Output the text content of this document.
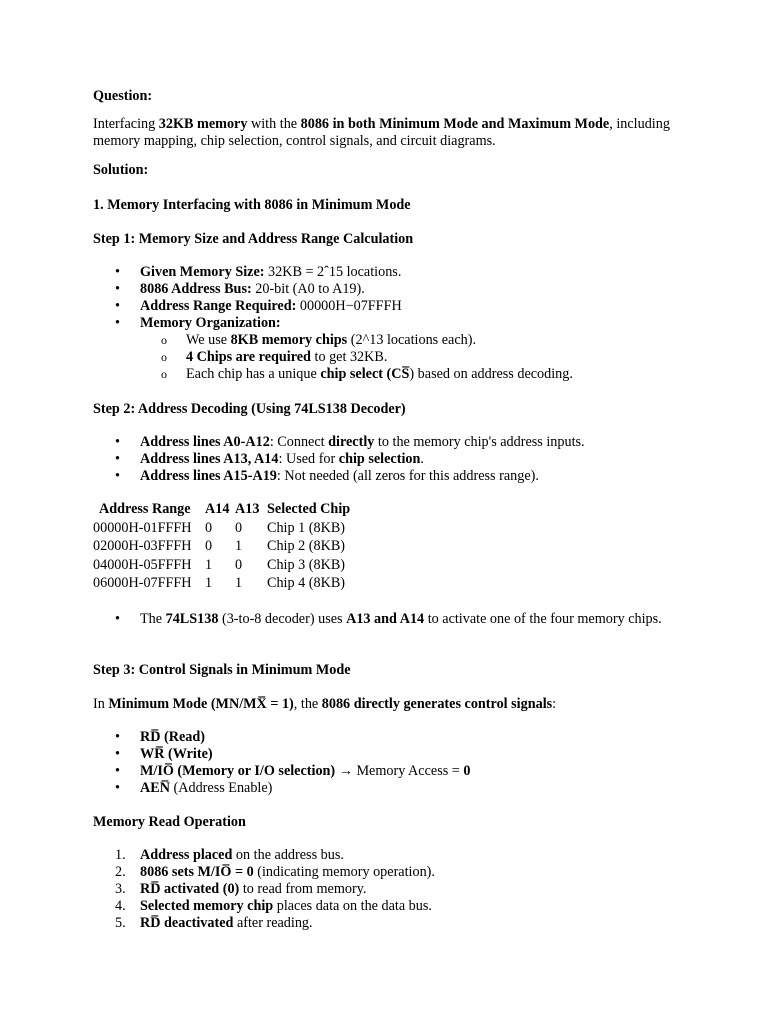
Question:

Interfacing 32KB memory with the 8086 in both Minimum Mode and Maximum Mode, including memory mapping, chip selection, control signals, and circuit diagrams.

Solution:

1. Memory Interfacing with 8086 in Minimum Mode

Step 1: Memory Size and Address Range Calculation

• Given Memory Size: 32KB = 2ˆ15 locations.
• 8086 Address Bus: 20-bit (A0 to A19).
• Address Range Required: 00000H−07FFFH
• Memory Organization:
o We use 8KB memory chips (2^13 locations each).
o 4 Chips are required to get 32KB.
o Each chip has a unique chip select (CS) based on address decoding.

Step 2: Address Decoding (Using 74LS138 Decoder)

• Address lines A0-A12: Connect directly to the memory chip's address inputs.
• Address lines A13, A14: Used for chip selection.
• Address lines A15-A19: Not needed (all zeros for this address range).
Address Range	A14	A13	Selected Chip
00000H-01FFFH	0	0	Chip 1 (8KB)
02000H-03FFFH	0	1	Chip 2 (8KB)
04000H-05FFFH	1	0	Chip 3 (8KB)
06000H-07FFFH	1	1	Chip 4 (8KB)
• The 74LS138 (3-to-8 decoder) uses A13 and A14 to activate one of the four memory chips.

Step 3: Control Signals in Minimum Mode

In Minimum Mode (MN/MX̅ = 1), the 8086 directly generates control signals:

• RD̅ (Read)
• WR̅ (Write)
• M/IO̅ (Memory or I/O selection) → Memory Access = 0
• AEN̅ (Address Enable)

Memory Read Operation

1. Address placed on the address bus.
2. 8086 sets M/IO̅ = 0 (indicating memory operation).
3. RD̅ activated (0) to read from memory.
4. Selected memory chip places data on the data bus.
5. RD̅ deactivated after reading.
